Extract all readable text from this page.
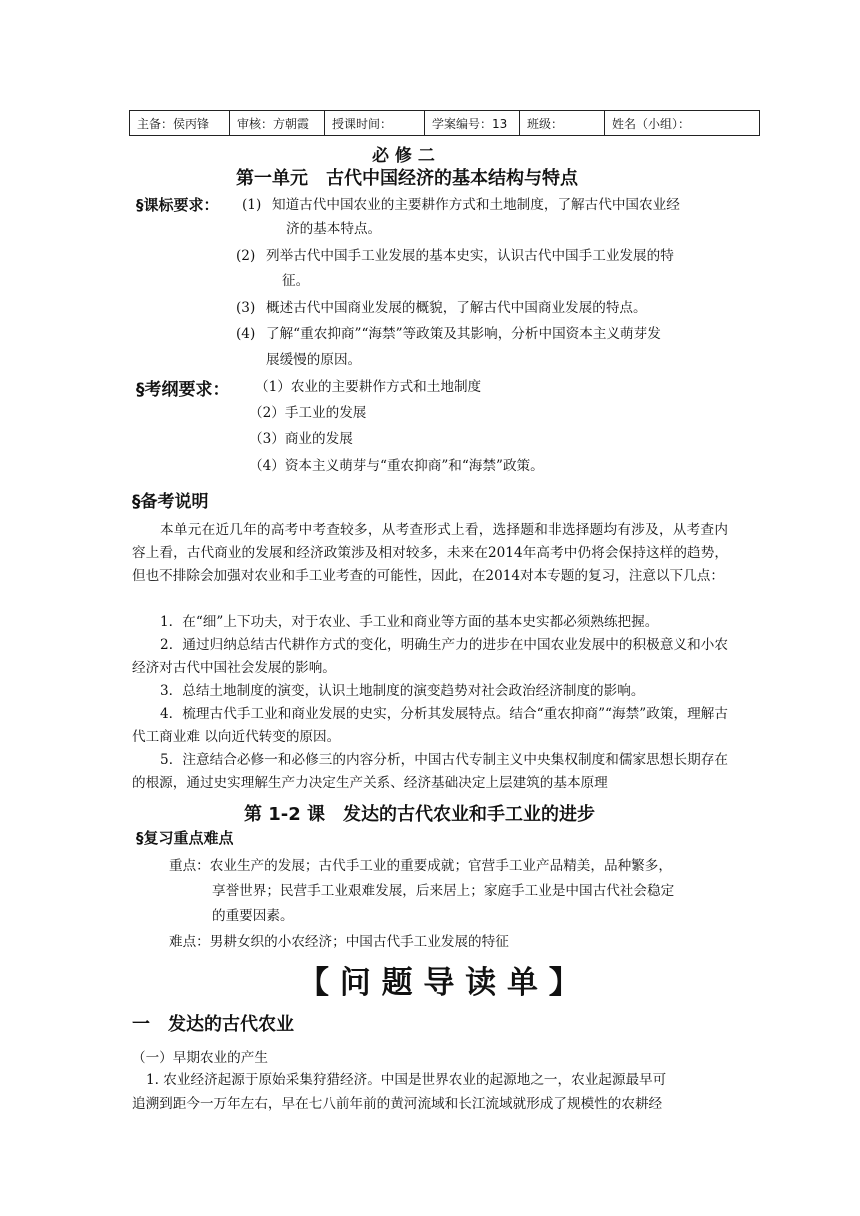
主备：侯丙锋	审核：方朝霞	授课时间：	学案编号：13	班级：	姓名（小组）：
必 修 二
第一单元　古代中国经济的基本结构与特点
§课标要求： (1) 知道古代中国农业的主要耕作方式和土地制度，了解古代中国农业经
济的基本特点。
(2) 列举古代中国手工业发展的基本史实，认识古代中国手工业发展的特
征。
(3) 概述古代中国商业发展的概貌，了解古代中国商业发展的特点。
(4) 了解“重农抑商”“海禁”等政策及其影响，分析中国资本主义萌芽发
展缓慢的原因。
§考纲要求： （1）农业的主要耕作方式和土地制度
（2）手工业的发展
（3）商业的发展
（4）资本主义萌芽与“重农抑商”和“海禁”政策。
§备考说明
本单元在近几年的高考中考查较多，从考查形式上看，选择题和非选择题均有涉及，从考查内容上看，古代商业的发展和经济政策涉及相对较多，未来在2014年高考中仍将会保持这样的趋势，但也不排除会加强对农业和手工业考查的可能性，因此，在2014对本专题的复习，注意以下几点：
1．在“细”上下功夫，对于农业、手工业和商业等方面的基本史实都必须熟练把握。
2．通过归纳总结古代耕作方式的变化，明确生产力的进步在中国农业发展中的积极意义和小农经济对古代中国社会发展的影响。
3．总结土地制度的演变，认识土地制度的演变趋势对社会政治经济制度的影响。
4．梳理古代手工业和商业发展的史实，分析其发展特点。结合“重农抑商”“海禁”政策，理解古代工商业难 以向近代转变的原因。
5．注意结合必修一和必修三的内容分析，中国古代专制主义中央集权制度和儒家思想长期存在的根源，通过史实理解生产力决定生产关系、经济基础决定上层建筑的基本原理
第 1-2 课　发达的古代农业和手工业的进步
§复习重点难点
重点：农业生产的发展；古代手工业的重要成就；官营手工业产品精美，品种繁多，
享誉世界；民营手工业艰难发展，后来居上；家庭手工业是中国古代社会稳定
的重要因素。
难点：男耕女织的小农经济；中国古代手工业发展的特征
【 问 题 导 读 单 】
一　发达的古代农业
（一）早期农业的产生
1. 农业经济起源于原始采集狩猎经济。中国是世界农业的起源地之一，农业起源最早可
追溯到距今一万年左右，早在七八前年前的黄河流域和长江流域就形成了规模性的农耕经
